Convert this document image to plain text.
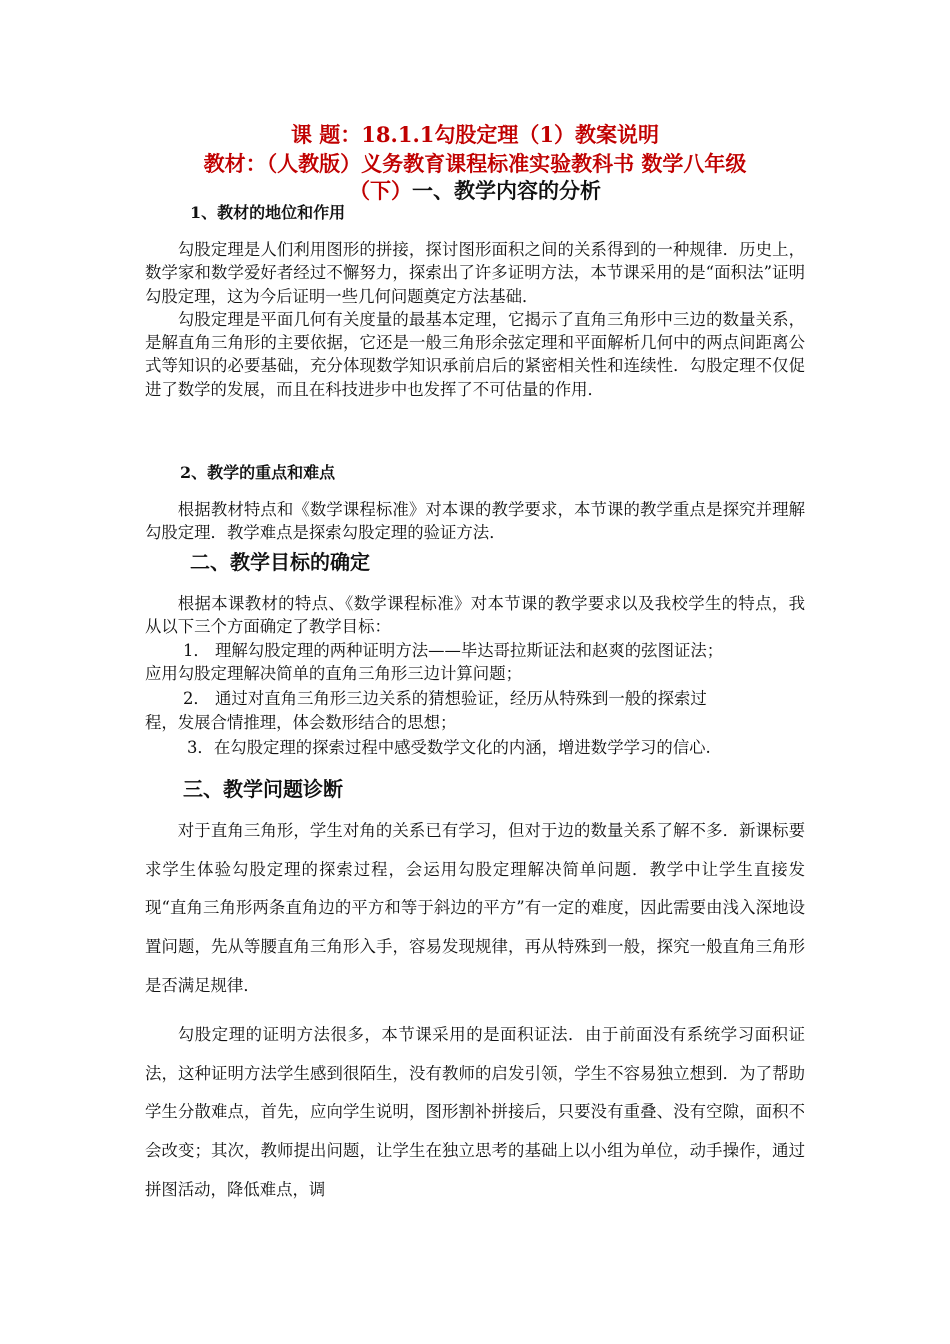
课 题：18.1.1勾股定理（1）教案说明
教材：（人教版）义务教育课程标准实验教科书 数学八年级
（下）一、教学内容的分析
1、教材的地位和作用

勾股定理是人们利用图形的拼接，探讨图形面积之间的关系得到的一种规律．历史上，数学家和数学爱好者经过不懈努力，探索出了许多证明方法，本节课采用的是“面积法”证明勾股定理，这为今后证明一些几何问题奠定方法基础．

勾股定理是平面几何有关度量的最基本定理，它揭示了直角三角形中三边的数量关系，是解直角三角形的主要依据，它还是一般三角形余弦定理和平面解析几何中的两点间距离公式等知识的必要基础，充分体现数学知识承前启后的紧密相关性和连续性．勾股定理不仅促进了数学的发展，而且在科技进步中也发挥了不可估量的作用．

2、教学的重点和难点

根据教材特点和《数学课程标准》对本课的教学要求，本节课的教学重点是探究并理解勾股定理．教学难点是探索勾股定理的验证方法．

二、教学目标的确定

根据本课教材的特点、《数学课程标准》对本节课的教学要求以及我校学生的特点，我从以下三个方面确定了教学目标：

1． 理解勾股定理的两种证明方法——毕达哥拉斯证法和赵爽的弦图证法；
应用勾股定理解决简单的直角三角形三边计算问题；
2． 通过对直角三角形三边关系的猜想验证，经历从特殊到一般的探索过
程，发展合情推理，体会数形结合的思想；
3．在勾股定理的探索过程中感受数学文化的内涵，增进数学学习的信心.
三、教学问题诊断

对于直角三角形，学生对角的关系已有学习，但对于边的数量关系了解不多．新课标要求学生体验勾股定理的探索过程，会运用勾股定理解决简单问题．教学中让学生直接发现“直角三角形两条直角边的平方和等于斜边的平方”有一定的难度，因此需要由浅入深地设置问题，先从等腰直角三角形入手，容易发现规律，再从特殊到一般，探究一般直角三角形是否满足规律．

勾股定理的证明方法很多，本节课采用的是面积证法．由于前面没有系统学习面积证法，这种证明方法学生感到很陌生，没有教师的启发引领，学生不容易独立想到．为了帮助学生分散难点，首先，应向学生说明，图形割补拼接后，只要没有重叠、没有空隙，面积不会改变；其次，教师提出问题，让学生在独立思考的基础上以小组为单位，动手操作，通过拼图活动，降低难点，调
